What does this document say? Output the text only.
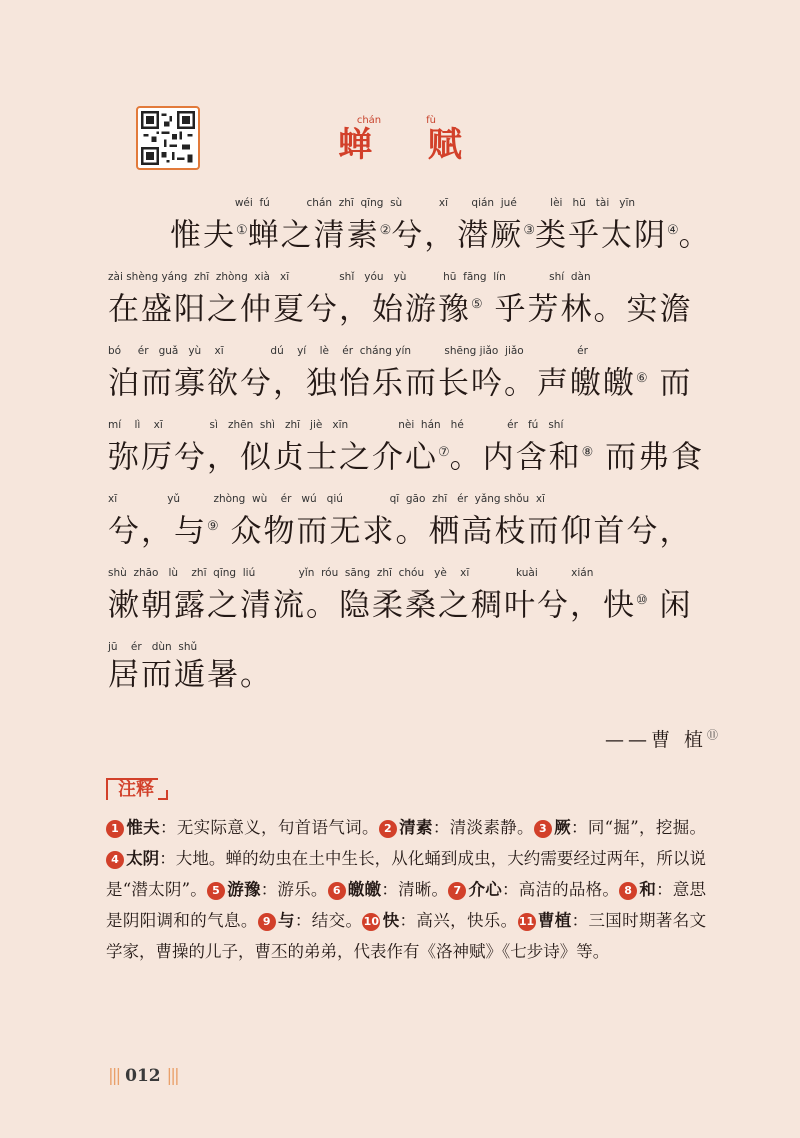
chán	fù
蝉 赋
wéi  fú           chán  zhī  qīng  sù           xī       qián  jué          lèi   hū   tài   yīn
惟夫①蝉之清素②兮，潜厥③类乎太阴④。
zài shèng yáng  zhī  zhòng  xià   xī               shǐ   yóu   yù           hū  fāng  lín             shí  dàn
在盛阳之仲夏兮，始游豫⑤ 乎芳林。实澹
bó     ér   guǎ   yù    xī              dú    yí    lè    ér  cháng yín          shēng jiǎo  jiǎo                ér
泊而寡欲兮，独怡乐而长吟。声皦皦⑥ 而
mí    lì    xī              sì   zhēn  shì   zhī   jiè   xīn               nèi  hán   hé             ér   fú   shí
弥厉兮，似贞士之介心⑦。内含和⑧ 而弗食
xī               yǔ          zhòng  wù    ér   wú   qiú              qī  gāo  zhī   ér  yǎng shǒu  xī
兮，与⑨ 众物而无求。栖高枝而仰首兮，
shù  zhāo   lù    zhī  qīng  liú             yǐn  róu  sāng  zhī  chóu   yè    xī              kuài          xián
漱朝露之清流。隐柔桑之稠叶兮，快⑩ 闲
jū    ér   dùn  shǔ
居而遁暑。
——曹 植⑪
注释
1 惟夫：无实际意义，句首语气词。 2 清素：清淡素静。 3 厥：同“掘”，挖掘。4 太阴：大地。蝉的幼虫在土中生长，从化蛹到成虫，大约需要经过两年，所以说是“潜太阴”。 5 游豫：游乐。 6 皦皦：清晰。 7 介心：高洁的品格。 8 和：意思是阴阳调和的气息。 9 与：结交。10 快：高兴，快乐。11 曹植：三国时期著名文学家，曹操的儿子，曹丕的弟弟，代表作有《洛神赋》《七步诗》等。
||| 012 |||
